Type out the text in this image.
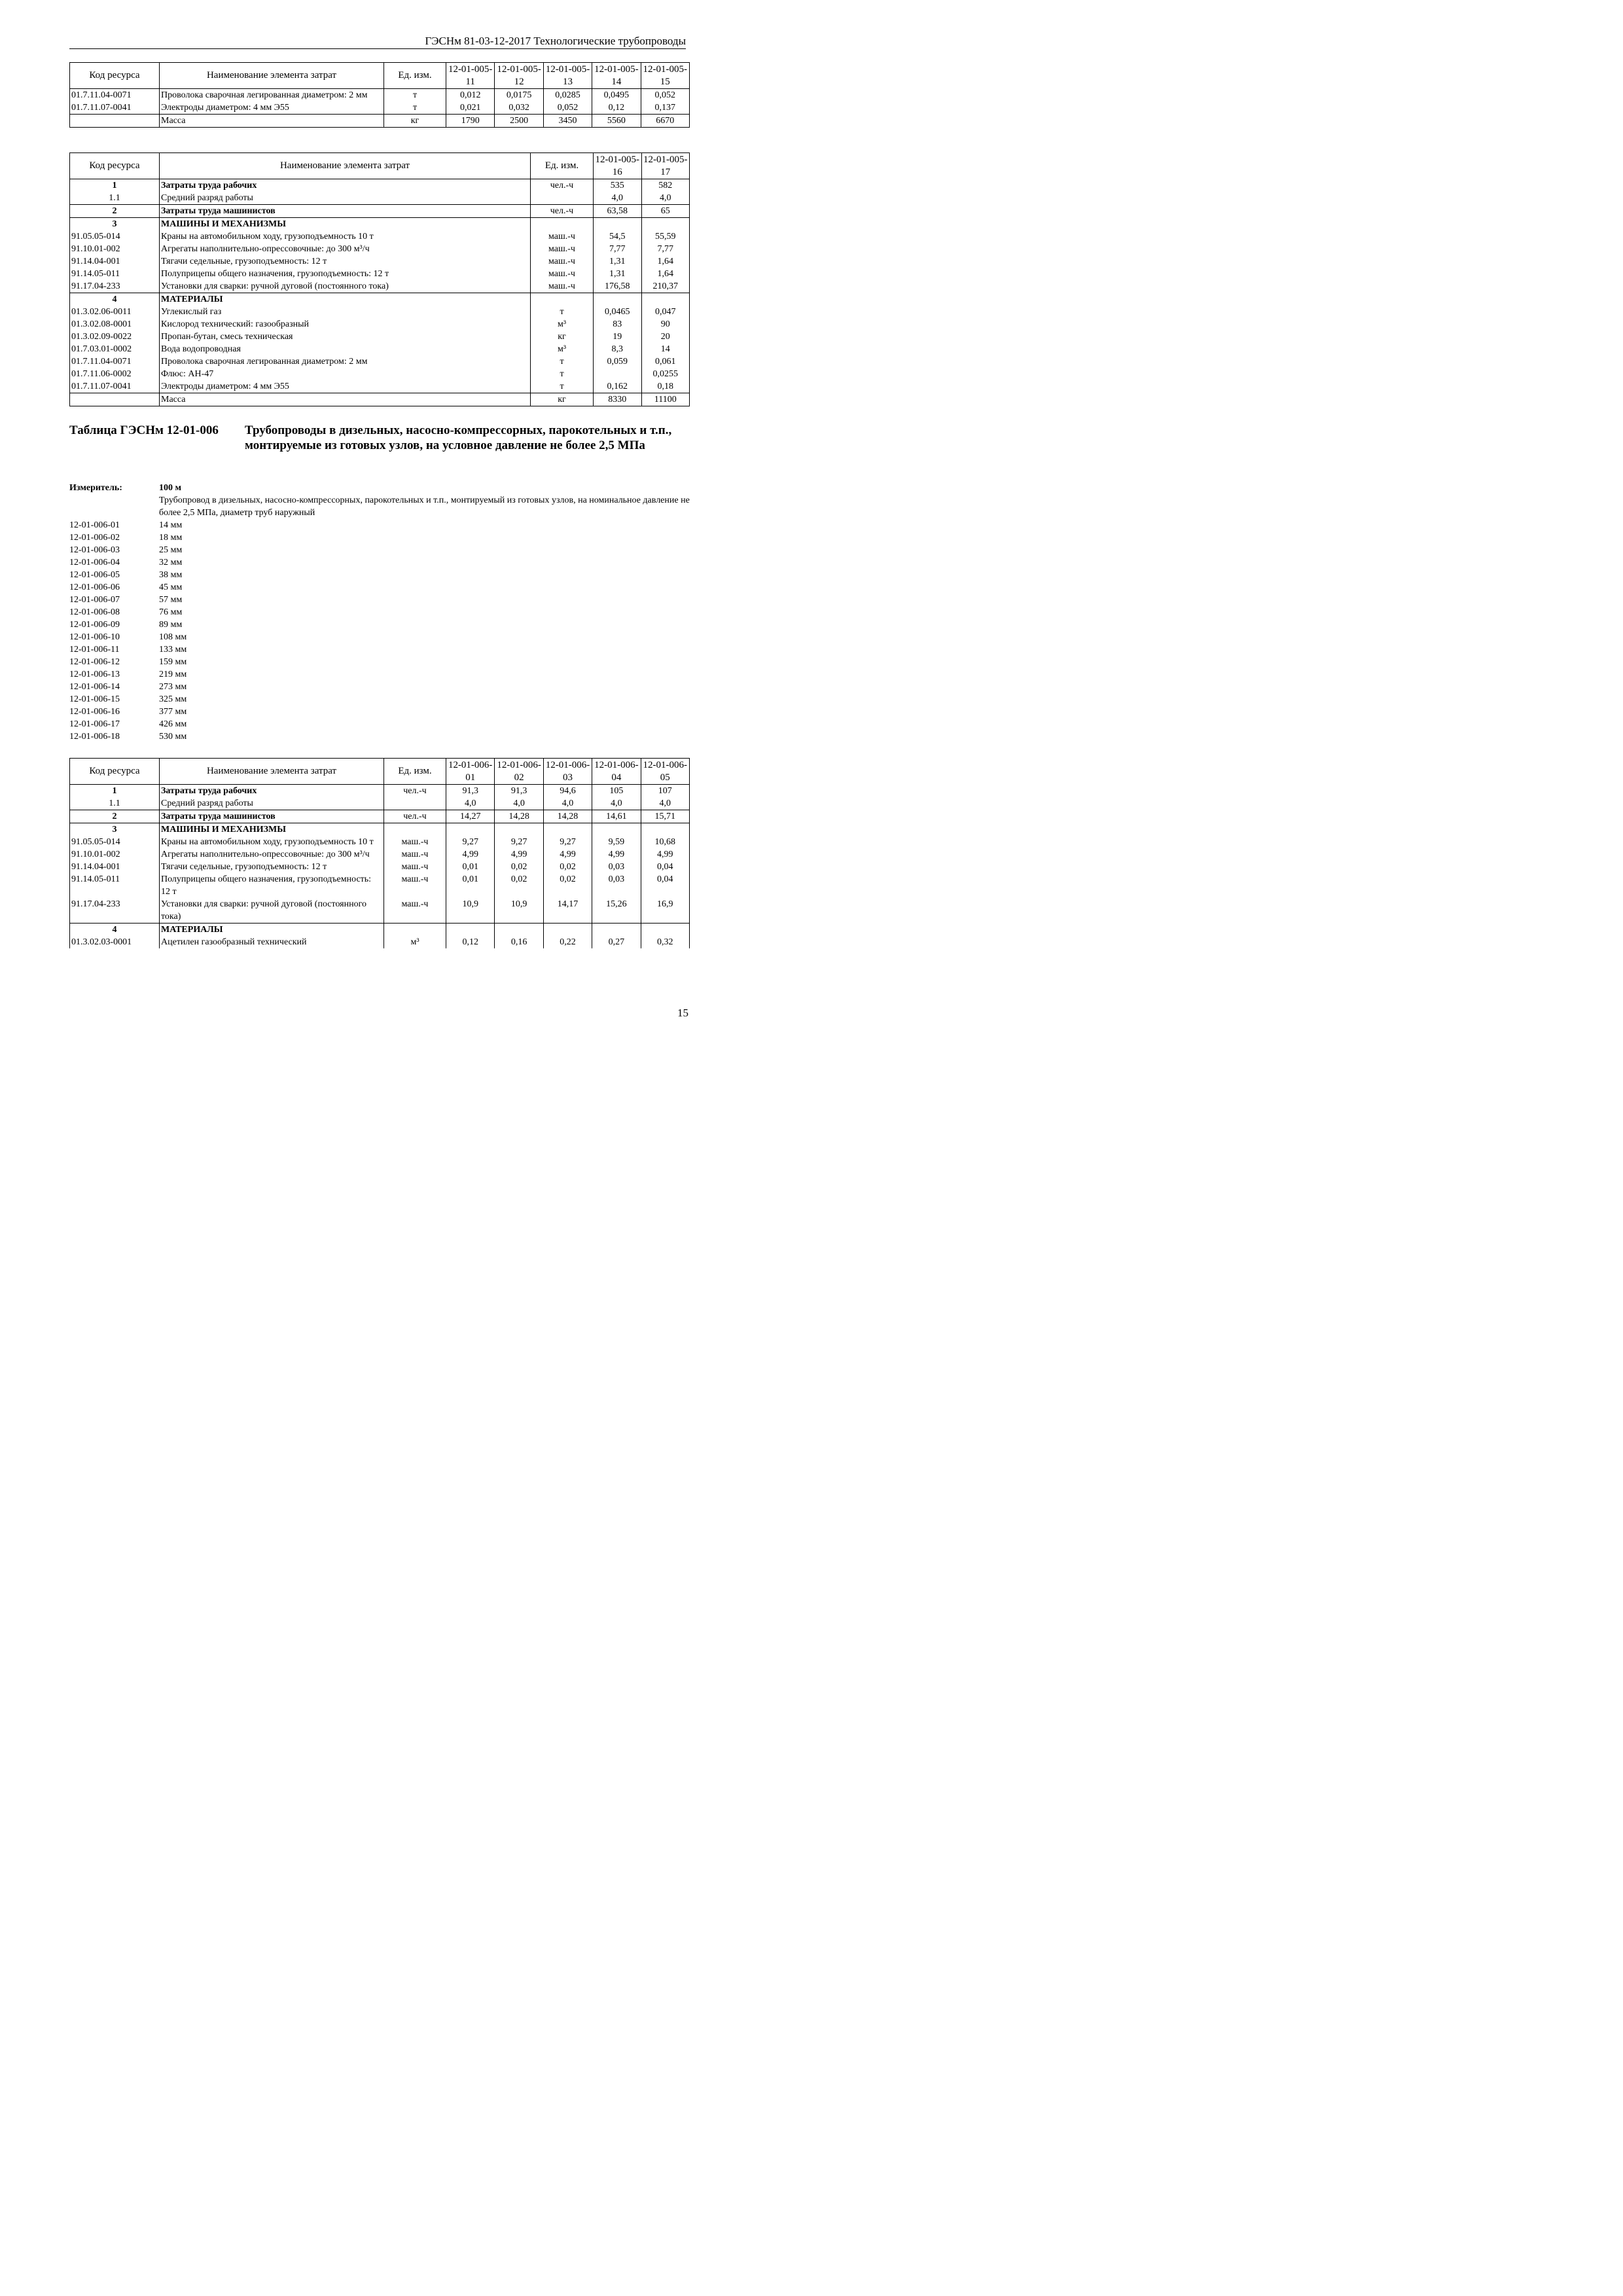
ГЭСНм 81-03-12-2017 Технологические трубопроводы
Код ресурса	Наименование элемента затрат	Ед. изм.	12-01-005-11	12-01-005-12	12-01-005-13	12-01-005-14	12-01-005-15
01.7.11.04-0071	Проволока сварочная легированная диаметром: 2 мм	т	0,012	0,0175	0,0285	0,0495	0,052
01.7.11.07-0041	Электроды диаметром: 4 мм Э55	т	0,021	0,032	0,052	0,12	0,137
	Масса	кг	1790	2500	3450	5560	6670
Код ресурса	Наименование элемента затрат	Ед. изм.	12-01-005-16	12-01-005-17
1	Затраты труда рабочих	чел.-ч	535	582
1.1	Средний разряд работы		4,0	4,0
2	Затраты труда машинистов	чел.-ч	63,58	65
3	МАШИНЫ И МЕХАНИЗМЫ			
91.05.05-014	Краны на автомобильном ходу, грузоподъемность 10 т	маш.-ч	54,5	55,59
91.10.01-002	Агрегаты наполнительно-опрессовочные: до 300 м³/ч	маш.-ч	7,77	7,77
91.14.04-001	Тягачи седельные, грузоподъемность: 12 т	маш.-ч	1,31	1,64
91.14.05-011	Полуприцепы общего назначения, грузоподъемность: 12 т	маш.-ч	1,31	1,64
91.17.04-233	Установки для сварки: ручной дуговой (постоянного тока)	маш.-ч	176,58	210,37
4	МАТЕРИАЛЫ			
01.3.02.06-0011	Углекислый газ	т	0,0465	0,047
01.3.02.08-0001	Кислород технический: газообразный	м³	83	90
01.3.02.09-0022	Пропан-бутан, смесь техническая	кг	19	20
01.7.03.01-0002	Вода водопроводная	м³	8,3	14
01.7.11.04-0071	Проволока сварочная легированная диаметром: 2 мм	т	0,059	0,061
01.7.11.06-0002	Флюс: АН-47	т		0,0255
01.7.11.07-0041	Электроды диаметром: 4 мм Э55	т	0,162	0,18
	Масса	кг	8330	11100
Таблица ГЭСНм 12-01-006 Трубопроводы в дизельных, насосно-компрессорных, парокотельных и т.п., монтируемые из готовых узлов, на условное давление не более 2,5 МПа
Измеритель:	100 м
Трубопровод в дизельных, насосно-компрессорных, парокотельных и т.п., монтируемый из готовых узлов, на номинальное давление не более 2,5 МПа, диаметр труб наружный
12-01-006-01	14 мм
12-01-006-02	18 мм
12-01-006-03	25 мм
12-01-006-04	32 мм
12-01-006-05	38 мм
12-01-006-06	45 мм
12-01-006-07	57 мм
12-01-006-08	76 мм
12-01-006-09	89 мм
12-01-006-10	108 мм
12-01-006-11	133 мм
12-01-006-12	159 мм
12-01-006-13	219 мм
12-01-006-14	273 мм
12-01-006-15	325 мм
12-01-006-16	377 мм
12-01-006-17	426 мм
12-01-006-18	530 мм
Код ресурса	Наименование элемента затрат	Ед. изм.	12-01-006-01	12-01-006-02	12-01-006-03	12-01-006-04	12-01-006-05
1	Затраты труда рабочих	чел.-ч	91,3	91,3	94,6	105	107
1.1	Средний разряд работы		4,0	4,0	4,0	4,0	4,0
2	Затраты труда машинистов	чел.-ч	14,27	14,28	14,28	14,61	15,71
3	МАШИНЫ И МЕХАНИЗМЫ						
91.05.05-014	Краны на автомобильном ходу, грузоподъемность 10 т	маш.-ч	9,27	9,27	9,27	9,59	10,68
91.10.01-002	Агрегаты наполнительно-опрессовочные: до 300 м³/ч	маш.-ч	4,99	4,99	4,99	4,99	4,99
91.14.04-001	Тягачи седельные, грузоподъемность: 12 т	маш.-ч	0,01	0,02	0,02	0,03	0,04
91.14.05-011	Полуприцепы общего назначения, грузоподъемность: 12 т	маш.-ч	0,01	0,02	0,02	0,03	0,04
91.17.04-233	Установки для сварки: ручной дуговой (постоянного тока)	маш.-ч	10,9	10,9	14,17	15,26	16,9
4	МАТЕРИАЛЫ						
01.3.02.03-0001	Ацетилен газообразный технический	м³	0,12	0,16	0,22	0,27	0,32
15
